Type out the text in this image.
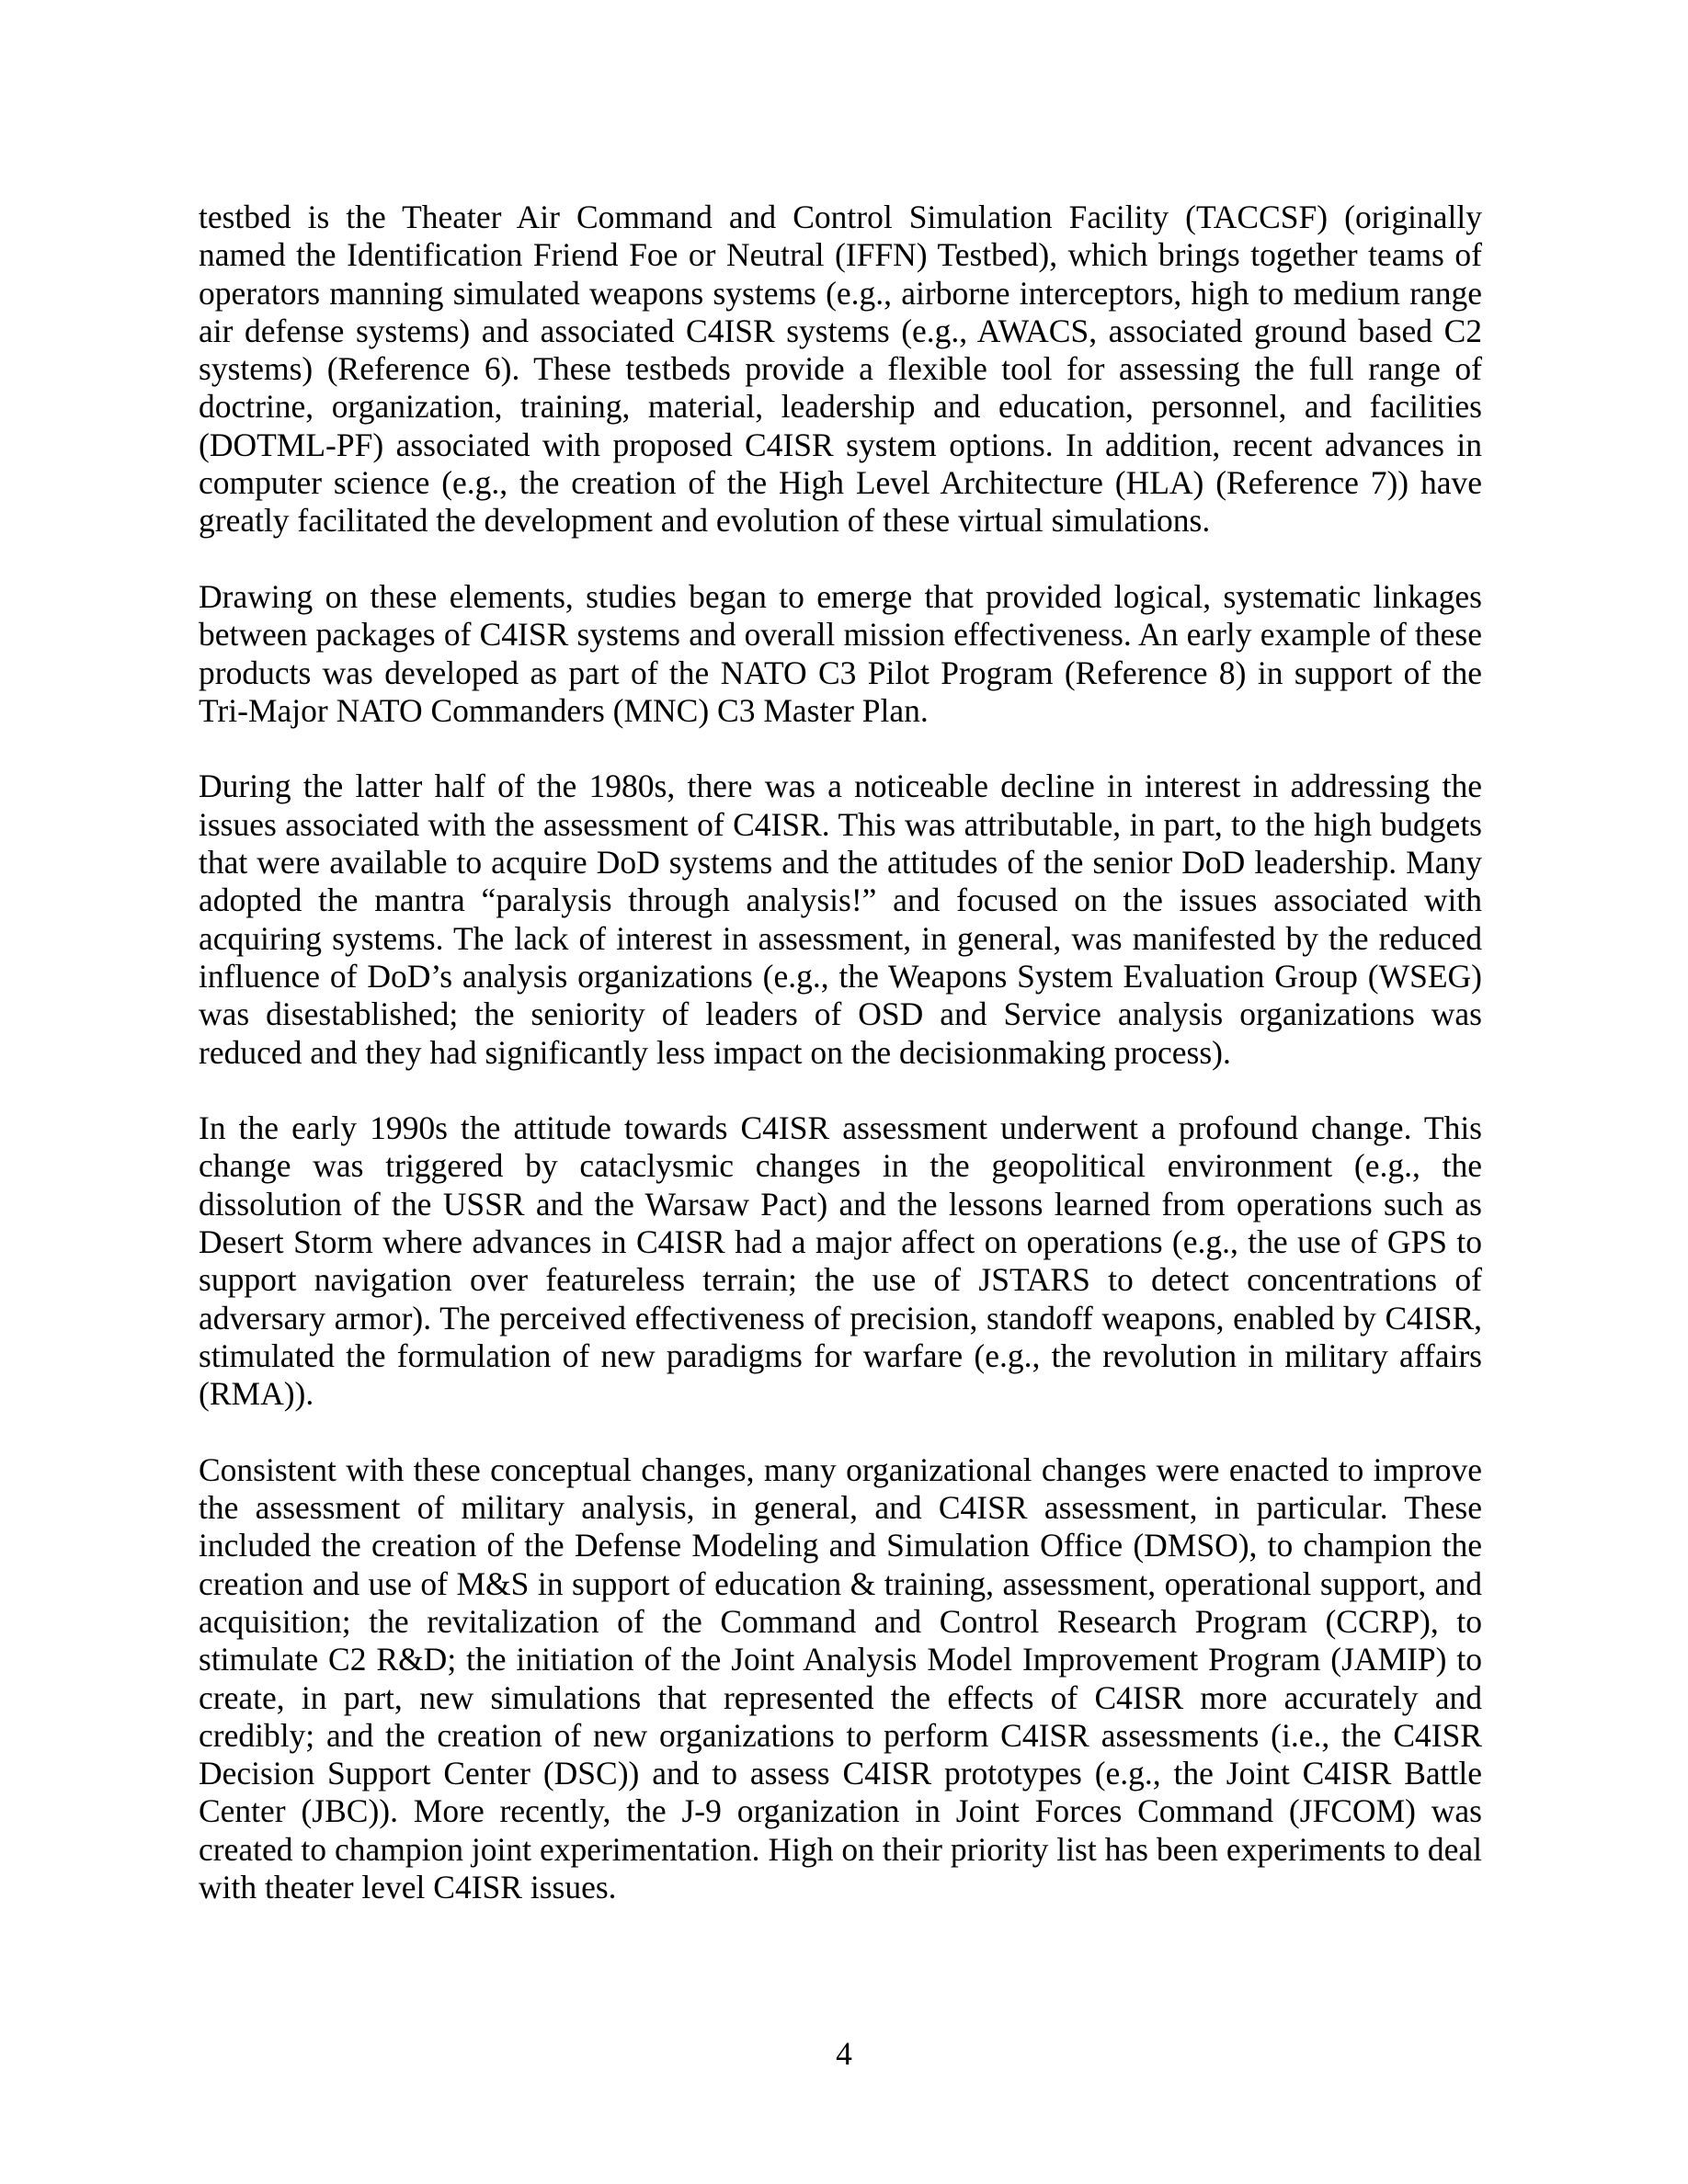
testbed is the Theater Air Command and Control Simulation Facility (TACCSF) (originally named the Identification Friend Foe or Neutral (IFFN) Testbed), which brings together teams of operators manning simulated weapons systems (e.g., airborne interceptors, high to medium range air defense systems) and associated C4ISR systems (e.g., AWACS, associated ground based C2 systems) (Reference 6). These testbeds provide a flexible tool for assessing the full range of doctrine, organization, training, material, leadership and education, personnel, and facilities (DOTML-PF) associated with proposed C4ISR system options. In addition, recent advances in computer science (e.g., the creation of the High Level Architecture (HLA) (Reference 7)) have greatly facilitated the development and evolution of these virtual simulations.

Drawing on these elements, studies began to emerge that provided logical, systematic linkages between packages of C4ISR systems and overall mission effectiveness. An early example of these products was developed as part of the NATO C3 Pilot Program (Reference 8) in support of the Tri-Major NATO Commanders (MNC) C3 Master Plan.

During the latter half of the 1980s, there was a noticeable decline in interest in addressing the issues associated with the assessment of C4ISR. This was attributable, in part, to the high budgets that were available to acquire DoD systems and the attitudes of the senior DoD leadership. Many adopted the mantra “paralysis through analysis!” and focused on the issues associated with acquiring systems. The lack of interest in assessment, in general, was manifested by the reduced influence of DoD’s analysis organizations (e.g., the Weapons System Evaluation Group (WSEG) was disestablished; the seniority of leaders of OSD and Service analysis organizations was reduced and they had significantly less impact on the decisionmaking process).

In the early 1990s the attitude towards C4ISR assessment underwent a profound change. This change was triggered by cataclysmic changes in the geopolitical environment (e.g., the dissolution of the USSR and the Warsaw Pact) and the lessons learned from operations such as Desert Storm where advances in C4ISR had a major affect on operations (e.g., the use of GPS to support navigation over featureless terrain; the use of JSTARS to detect concentrations of adversary armor). The perceived effectiveness of precision, standoff weapons, enabled by C4ISR, stimulated the formulation of new paradigms for warfare (e.g., the revolution in military affairs (RMA)).

Consistent with these conceptual changes, many organizational changes were enacted to improve the assessment of military analysis, in general, and C4ISR assessment, in particular. These included the creation of the Defense Modeling and Simulation Office (DMSO), to champion the creation and use of M&S in support of education & training, assessment, operational support, and acquisition; the revitalization of the Command and Control Research Program (CCRP), to stimulate C2 R&D; the initiation of the Joint Analysis Model Improvement Program (JAMIP) to create, in part, new simulations that represented the effects of C4ISR more accurately and credibly; and the creation of new organizations to perform C4ISR assessments (i.e., the C4ISR Decision Support Center (DSC)) and to assess C4ISR prototypes (e.g., the Joint C4ISR Battle Center (JBC)). More recently, the J-9 organization in Joint Forces Command (JFCOM) was created to champion joint experimentation. High on their priority list has been experiments to deal with theater level C4ISR issues.

4
